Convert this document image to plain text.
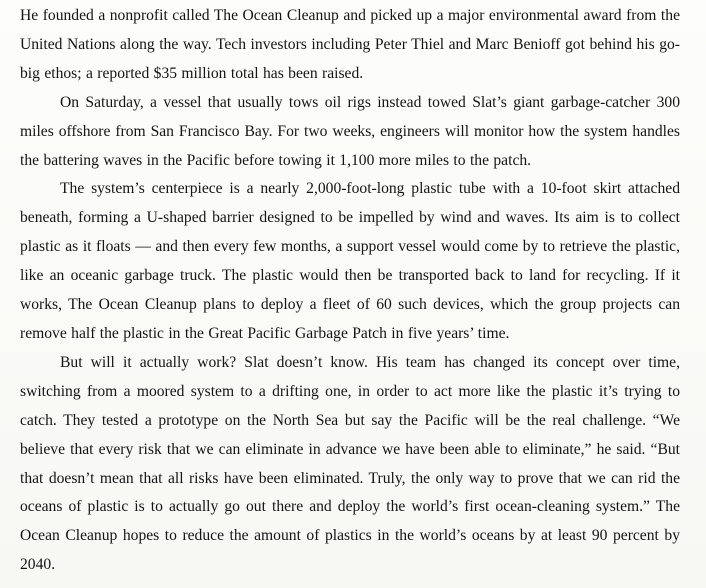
He founded a nonprofit called The Ocean Cleanup and picked up a major environmental award from the United Nations along the way. Tech investors including Peter Thiel and Marc Benioff got behind his go-big ethos; a reported $35 million total has been raised.

On Saturday, a vessel that usually tows oil rigs instead towed Slat’s giant garbage-catcher 300 miles offshore from San Francisco Bay. For two weeks, engineers will monitor how the system handles the battering waves in the Pacific before towing it 1,100 more miles to the patch.

The system’s centerpiece is a nearly 2,000-foot-long plastic tube with a 10-foot skirt attached beneath, forming a U-shaped barrier designed to be impelled by wind and waves. Its aim is to collect plastic as it floats — and then every few months, a support vessel would come by to retrieve the plastic, like an oceanic garbage truck. The plastic would then be transported back to land for recycling. If it works, The Ocean Cleanup plans to deploy a fleet of 60 such devices, which the group projects can remove half the plastic in the Great Pacific Garbage Patch in five years’ time.

But will it actually work? Slat doesn’t know. His team has changed its concept over time, switching from a moored system to a drifting one, in order to act more like the plastic it’s trying to catch. They tested a prototype on the North Sea but say the Pacific will be the real challenge. “We believe that every risk that we can eliminate in advance we have been able to eliminate,” he said. “But that doesn’t mean that all risks have been eliminated. Truly, the only way to prove that we can rid the oceans of plastic is to actually go out there and deploy the world’s first ocean-cleaning system.” The Ocean Cleanup hopes to reduce the amount of plastics in the world’s oceans by at least 90 percent by 2040.
